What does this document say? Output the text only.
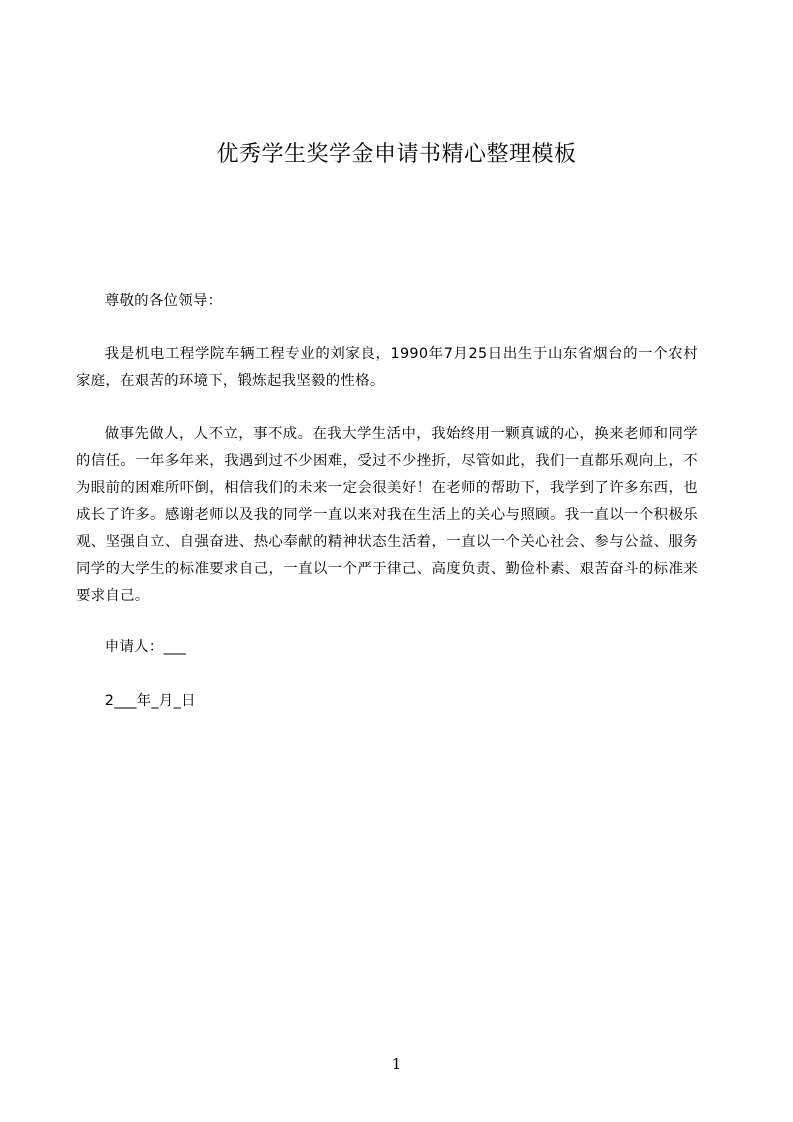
优秀学生奖学金申请书精心整理模板

尊敬的各位领导：

我是机电工程学院车辆工程专业的刘家良，1990年7月25日出生于山东省烟台的一个农村家庭，在艰苦的环境下，锻炼起我坚毅的性格。

做事先做人，人不立，事不成。在我大学生活中，我始终用一颗真诚的心，换来老师和同学的信任。一年多年来，我遇到过不少困难，受过不少挫折，尽管如此，我们一直都乐观向上，不为眼前的困难所吓倒，相信我们的未来一定会很美好！在老师的帮助下，我学到了许多东西，也成长了许多。感谢老师以及我的同学一直以来对我在生活上的关心与照顾。我一直以一个积极乐观、坚强自立、自强奋进、热心奉献的精神状态生活着，一直以一个关心社会、参与公益、服务同学的大学生的标准要求自己，一直以一个严于律己、高度负责、勤俭朴素、艰苦奋斗的标准来要求自己。

申请人：___

2___年_月_日

1
